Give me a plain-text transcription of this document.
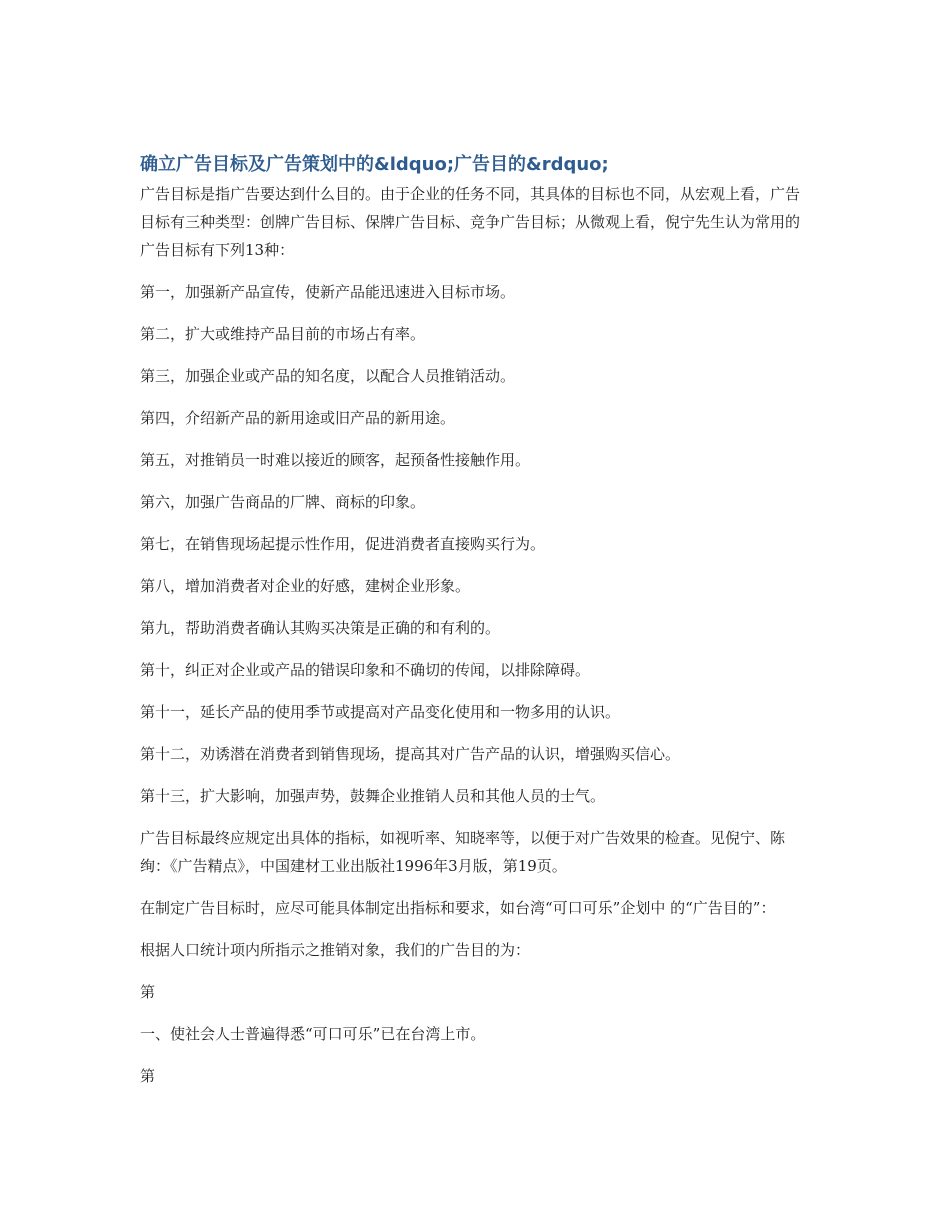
确立广告目标及广告策划中的&ldquo;广告目的&rdquo;

广告目标是指广告要达到什么目的。由于企业的任务不同，其具体的目标也不同，从宏观上看，广告目标有三种类型：创牌广告目标、保牌广告目标、竞争广告目标；从微观上看，倪宁先生认为常用的广告目标有下列13种：

第一，加强新产品宣传，使新产品能迅速进入目标市场。

第二，扩大或维持产品目前的市场占有率。

第三，加强企业或产品的知名度，以配合人员推销活动。

第四，介绍新产品的新用途或旧产品的新用途。

第五，对推销员一时难以接近的顾客，起预备性接触作用。

第六，加强广告商品的厂牌、商标的印象。

第七，在销售现场起提示性作用，促进消费者直接购买行为。

第八，增加消费者对企业的好感，建树企业形象。

第九，帮助消费者确认其购买决策是正确的和有利的。

第十，纠正对企业或产品的错误印象和不确切的传闻，以排除障碍。

第十一，延长产品的使用季节或提高对产品变化使用和一物多用的认识。

第十二，劝诱潜在消费者到销售现场，提高其对广告产品的认识，增强购买信心。

第十三，扩大影响，加强声势，鼓舞企业推销人员和其他人员的士气。

广告目标最终应规定出具体的指标，如视听率、知晓率等，以便于对广告效果的检查。见倪宁、陈绚：《广告精点》，中国建材工业出版社1996年3月版，第19页。

在制定广告目标时，应尽可能具体制定出指标和要求，如台湾“可口可乐”企划中 的“广告目的”：

根据人口统计项内所指示之推销对象，我们的广告目的为：

第

一、使社会人士普遍得悉“可口可乐”已在台湾上市。

第
